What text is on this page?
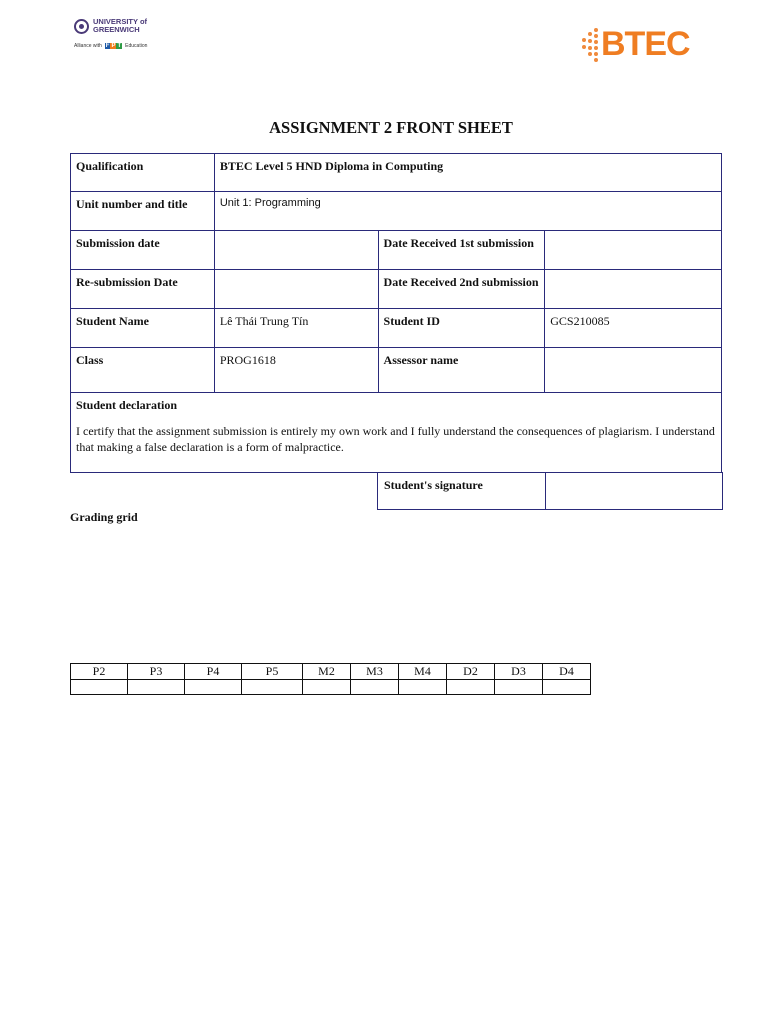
UNIVERSITY of
GREENWICH
Alliance with F P T Education	BTEC
ASSIGNMENT 2 FRONT SHEET
Qualification	BTEC Level 5 HND Diploma in Computing		
Unit number and title	Unit 1: Programming		
Submission date		Date Received 1st submission	
Re-submission Date		Date Received 2nd submission	
Student Name	Lê Thái Trung Tín	Student ID	GCS210085
Class	PROG1618	Assessor name	

Student declaration
I certify that the assignment submission is entirely my own work and I fully understand the consequences of plagiarism. I understand that making a false declaration is a form of malpractice.			
Student's signature	
Grading grid
P2	P3	P4	P5	M2	M3	M4	D2	D3	D4
